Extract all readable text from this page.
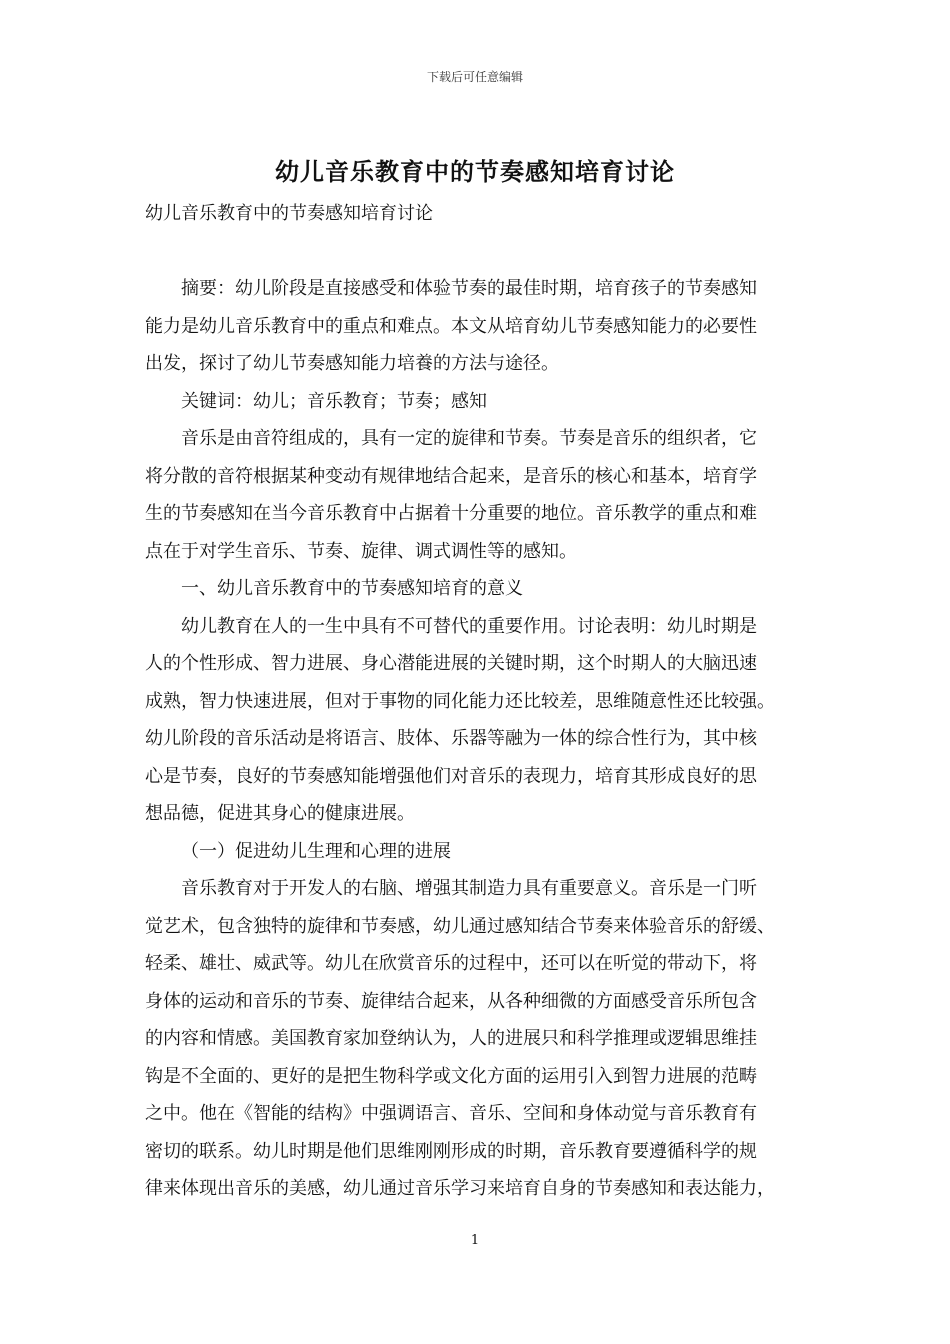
下载后可任意编辑
幼儿音乐教育中的节奏感知培育讨论

幼儿音乐教育中的节奏感知培育讨论

摘要：幼儿阶段是直接感受和体验节奏的最佳时期，培育孩子的节奏感知
能力是幼儿音乐教育中的重点和难点。本文从培育幼儿节奏感知能力的必要性
出发，探讨了幼儿节奏感知能力培養的方法与途径。

关键词：幼儿；音乐教育；节奏；感知

音乐是由音符组成的，具有一定的旋律和节奏。节奏是音乐的组织者，它
将分散的音符根据某种变动有规律地结合起来，是音乐的核心和基本，培育学
生的节奏感知在当今音乐教育中占据着十分重要的地位。音乐教学的重点和难
点在于对学生音乐、节奏、旋律、调式调性等的感知。

一、幼儿音乐教育中的节奏感知培育的意义

幼儿教育在人的一生中具有不可替代的重要作用。讨论表明：幼儿时期是
人的个性形成、智力进展、身心潜能进展的关键时期，这个时期人的大脑迅速
成熟，智力快速进展，但对于事物的同化能力还比较差，思维随意性还比较强。
幼儿阶段的音乐活动是将语言、肢体、乐器等融为一体的综合性行为，其中核
心是节奏，良好的节奏感知能增强他们对音乐的表现力，培育其形成良好的思
想品德，促进其身心的健康进展。

（一）促进幼儿生理和心理的进展

音乐教育对于开发人的右脑、增强其制造力具有重要意义。音乐是一门听
觉艺术，包含独特的旋律和节奏感，幼儿通过感知结合节奏来体验音乐的舒缓、
轻柔、雄壮、威武等。幼儿在欣赏音乐的过程中，还可以在听觉的带动下，将
身体的运动和音乐的节奏、旋律结合起来，从各种细微的方面感受音乐所包含
的内容和情感。美国教育家加登纳认为，人的进展只和科学推理或逻辑思维挂
钩是不全面的、更好的是把生物科学或文化方面的运用引入到智力进展的范畴
之中。他在《智能的结构》中强调语言、音乐、空间和身体动觉与音乐教育有
密切的联系。幼儿时期是他们思维刚刚形成的时期，音乐教育要遵循科学的规
律来体现出音乐的美感，幼儿通过音乐学习来培育自身的节奏感知和表达能力，

1
